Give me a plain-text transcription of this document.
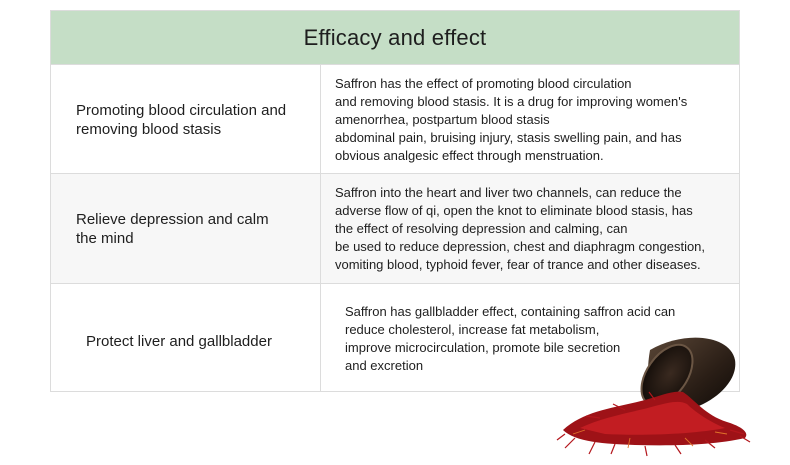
Efficacy and effect
Promoting blood circulation and
removing blood stasis
Saffron has the effect of promoting blood circulation
and removing blood stasis. It is a drug for improving women's
amenorrhea, postpartum blood stasis
abdominal pain, bruising injury, stasis swelling pain, and has
obvious analgesic effect through menstruation.
Relieve depression and calm
the mind
Saffron into the heart and liver two channels, can reduce the
adverse flow of qi, open the knot to eliminate blood stasis, has
the effect of resolving depression and calming, can
be used to reduce depression, chest and diaphragm congestion,
vomiting blood, typhoid fever, fear of trance and other diseases.
Protect liver and gallbladder
Saffron has gallbladder effect, containing saffron acid can
reduce cholesterol, increase fat metabolism,
improve microcirculation, promote bile secretion
and excretion
